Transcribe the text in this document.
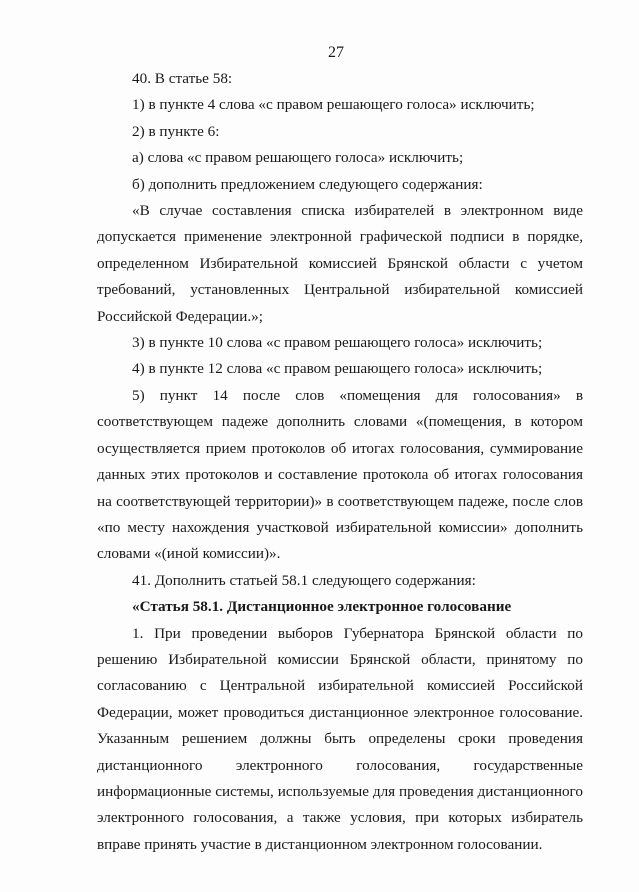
27

40. В статье 58:

1) в пункте 4 слова «с правом решающего голоса» исключить;

2) в пункте 6:

а) слова «с правом решающего голоса» исключить;

б) дополнить предложением следующего содержания:

«В случае составления списка избирателей в электронном виде допускается применение электронной графической подписи в порядке, определенном Избирательной комиссией Брянской области с учетом требований, установленных Центральной избирательной комиссией Российской Федерации.»;

3) в пункте 10 слова «с правом решающего голоса» исключить;

4) в пункте 12 слова «с правом решающего голоса» исключить;

5) пункт 14 после слов «помещения для голосования» в соответствующем падеже дополнить словами «(помещения, в котором осуществляется прием протоколов об итогах голосования, суммирование данных этих протоколов и составление протокола об итогах голосования на соответствующей территории)» в соответствующем падеже, после слов «по месту нахождения участковой избирательной комиссии» дополнить словами «(иной комиссии)».

41. Дополнить статьей 58.1 следующего содержания:

«Статья 58.1. Дистанционное электронное голосование

1. При проведении выборов Губернатора Брянской области по решению Избирательной комиссии Брянской области, принятому по согласованию с Центральной избирательной комиссией Российской Федерации, может проводиться дистанционное электронное голосование. Указанным решением должны быть определены сроки проведения дистанционного электронного голосования, государственные информационные системы, используемые для проведения дистанционного электронного голосования, а также условия, при которых избиратель вправе принять участие в дистанционном электронном голосовании.
